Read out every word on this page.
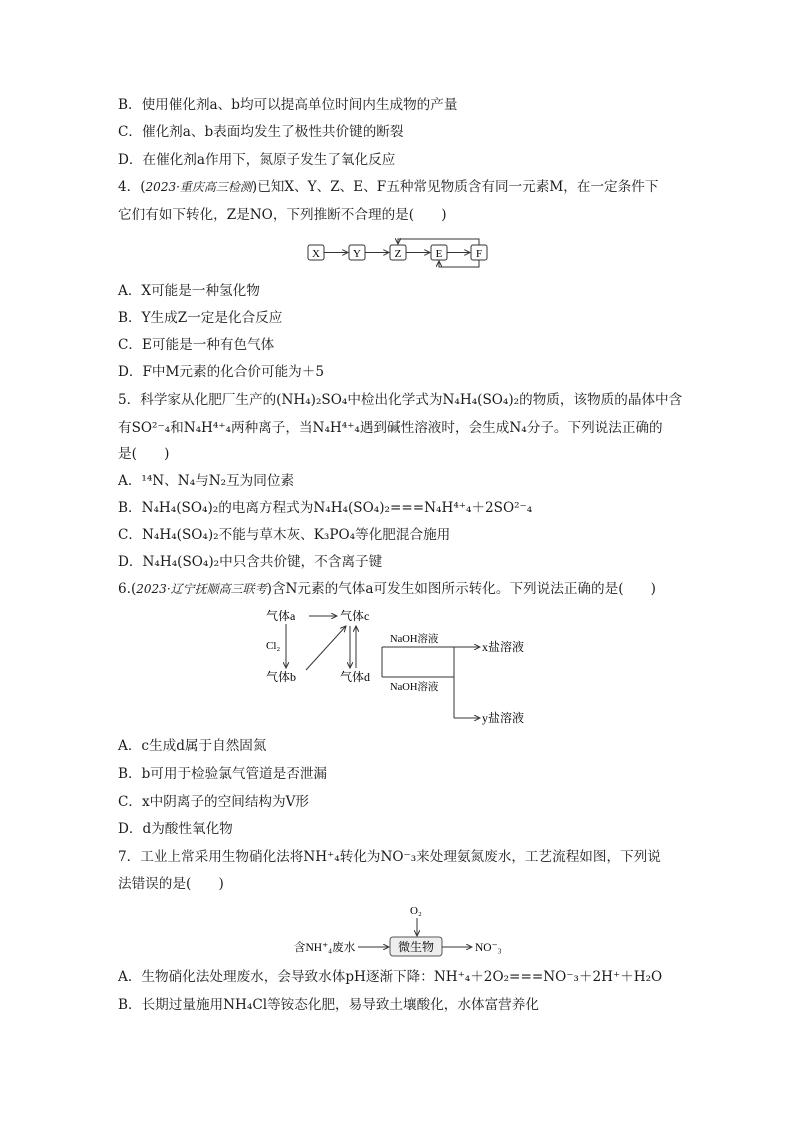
B．使用催化剂a、b均可以提高单位时间内生成物的产量
C．催化剂a、b表面均发生了极性共价键的断裂
D．在催化剂a作用下，氮原子发生了氧化反应
4．(2023·重庆高三检测)已知X、Y、Z、E、F五种常见物质含有同一元素M，在一定条件下
它们有如下转化，Z是NO，下列推断不合理的是(　　)
X	Y	Z	E	F
A．X可能是一种氢化物
B．Y生成Z一定是化合反应
C．E可能是一种有色气体
D．F中M元素的化合价可能为＋5
5．科学家从化肥厂生产的(NH₄)₂SO₄中检出化学式为N₄H₄(SO₄)₂的物质，该物质的晶体中含
有SO²⁻₄和N₄H⁴⁺₄两种离子，当N₄H⁴⁺₄遇到碱性溶液时，会生成N₄分子。下列说法正确的
是(　　)
A．¹⁴N、N₄与N₂互为同位素
B．N₄H₄(SO₄)₂的电离方程式为N₄H₄(SO₄)₂===N₄H⁴⁺₄＋2SO²⁻₄
C．N₄H₄(SO₄)₂不能与草木灰、K₃PO₄等化肥混合施用
D．N₄H₄(SO₄)₂中只含共价键，不含离子键
6.(2023·辽宁抚顺高三联考)含N元素的气体a可发生如图所示转化。下列说法正确的是(　　)
气体a	气体c
气体b	气体d
Cl₂
NaOH溶液
NaOH溶液
x盐溶液
y盐溶液
A．c生成d属于自然固氮
B．b可用于检验氯气管道是否泄漏
C．x中阴离子的空间结构为V形
D．d为酸性氧化物
7．工业上常采用生物硝化法将NH⁺₄转化为NO⁻₃来处理氨氮废水，工艺流程如图，下列说
法错误的是(　　)
O₂
微生物
含NH⁺₄废水	NO⁻₃
A．生物硝化法处理废水，会导致水体pH逐渐下降：NH⁺₄＋2O₂===NO⁻₃＋2H⁺＋H₂O
B．长期过量施用NH₄Cl等铵态化肥，易导致土壤酸化，水体富营养化
